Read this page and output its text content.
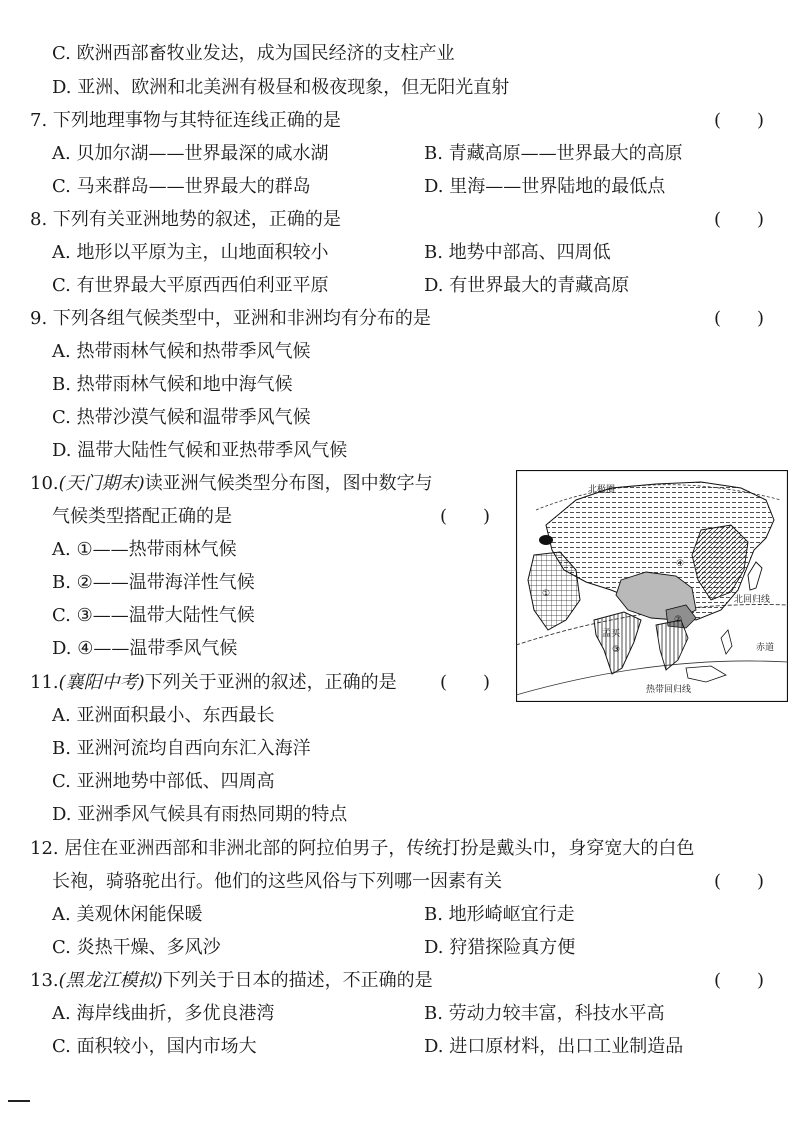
C. 欧洲西部畜牧业发达，成为国民经济的支柱产业
D. 亚洲、欧洲和北美洲有极昼和极夜现象，但无阳光直射
7. 下列地理事物与其特征连线正确的是	(　　)
A. 贝加尔湖——世界最深的咸水湖	B. 青藏高原——世界最大的高原
C. 马来群岛——世界最大的群岛	D. 里海——世界陆地的最低点
8. 下列有关亚洲地势的叙述，正确的是	(　　)
A. 地形以平原为主，山地面积较小	B. 地势中部高、四周低
C. 有世界最大平原西西伯利亚平原	D. 有世界最大的青藏高原
9. 下列各组气候类型中，亚洲和非洲均有分布的是	(　　)
A. 热带雨林气候和热带季风气候
B. 热带雨林气候和地中海气候
C. 热带沙漠气候和温带季风气候
D. 温带大陆性气候和亚热带季风气候
10.(天门期末)读亚洲气候类型分布图，图中数字与
气候类型搭配正确的是	(　　)
A. ①——热带雨林气候
B. ②——温带海洋性气候
C. ③——温带大陆性气候
D. ④——温带季风气候
北极圈
北回归线
赤道
孟买
热带回归线
②
④
③
①
11.(襄阳中考)下列关于亚洲的叙述，正确的是 (　　)
A. 亚洲面积最小、东西最长
B. 亚洲河流均自西向东汇入海洋
C. 亚洲地势中部低、四周高
D. 亚洲季风气候具有雨热同期的特点
12. 居住在亚洲西部和非洲北部的阿拉伯男子，传统打扮是戴头巾，身穿宽大的白色
长袍，骑骆驼出行。他们的这些风俗与下列哪一因素有关	(　　)
A. 美观休闲能保暖	B. 地形崎岖宜行走
C. 炎热干燥、多风沙	D. 狩猎探险真方便
13.(黑龙江模拟)下列关于日本的描述，不正确的是	(　　)
A. 海岸线曲折，多优良港湾	B. 劳动力较丰富，科技水平高
C. 面积较小，国内市场大	D. 进口原材料，出口工业制造品
